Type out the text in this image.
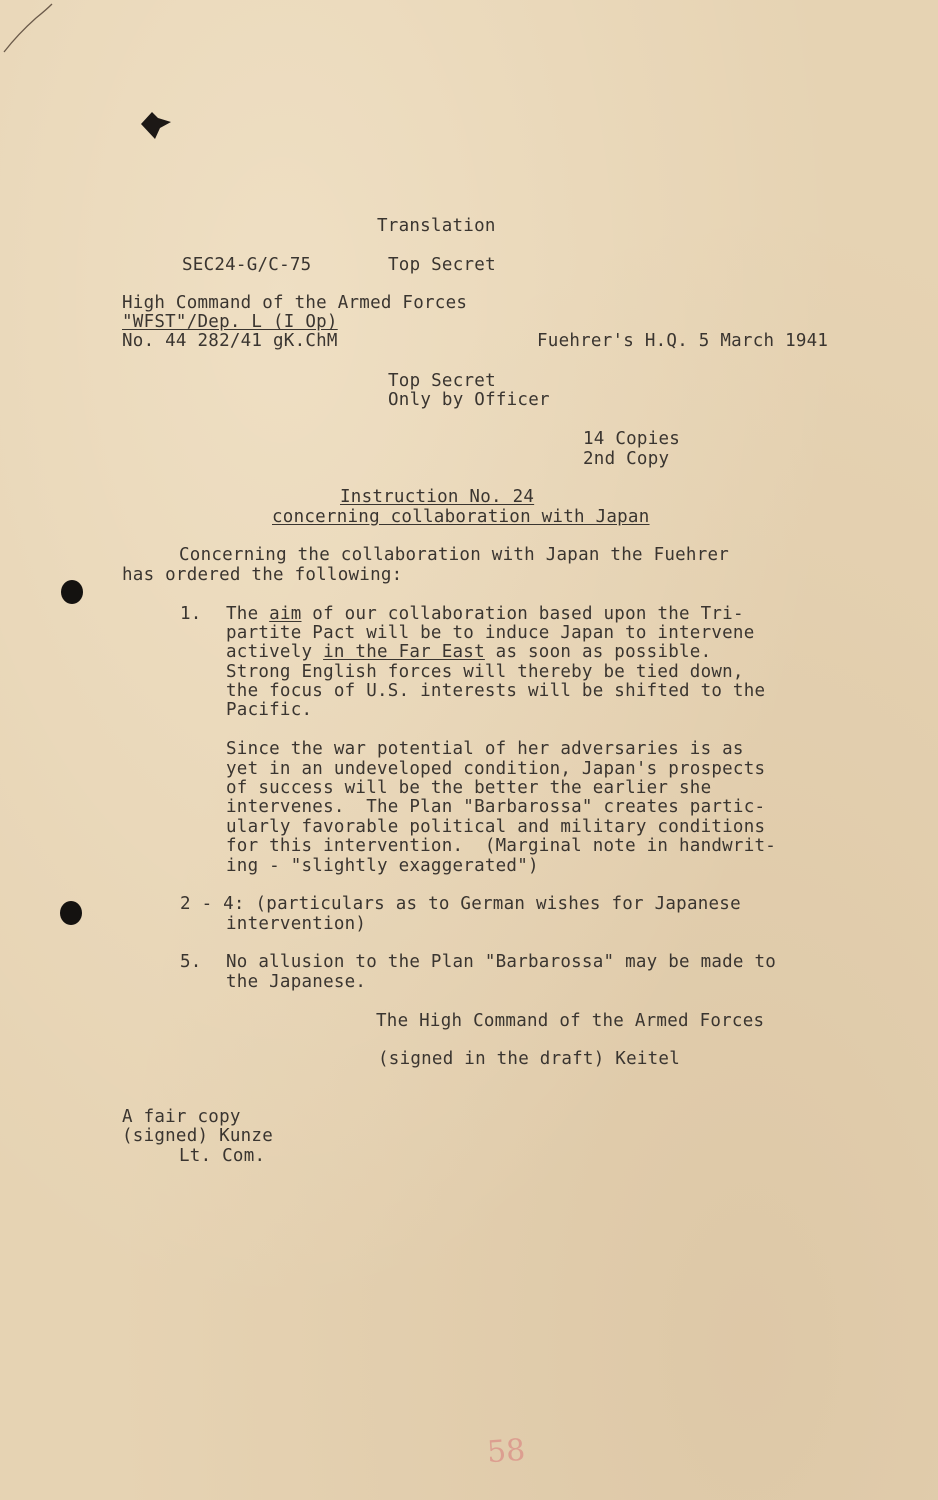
Translation
SEC24-G/C-75	Top Secret
High Command of the Armed Forces
"WFST"/Dep. L (I Op)
No. 44 282/41 gK.ChM	Fuehrer's H.Q. 5 March 1941
Top Secret
Only by Officer
14 Copies
2nd Copy
Instruction No. 24
concerning collaboration with Japan
Concerning the collaboration with Japan the Fuehrer
has ordered the following:
1. The aim of our collaboration based upon the Tri-
partite Pact will be to induce Japan to intervene
actively in the Far East as soon as possible.
Strong English forces will thereby be tied down,
the focus of U.S. interests will be shifted to the
Pacific.
Since the war potential of her adversaries is as
yet in an undeveloped condition, Japan's prospects
of success will be the better the earlier she
intervenes.  The Plan "Barbarossa" creates partic-
ularly favorable political and military conditions
for this intervention.  (Marginal note in handwrit-
ing - "slightly exaggerated")
2 - 4: (particulars as to German wishes for Japanese
intervention)
5. No allusion to the Plan "Barbarossa" may be made to
the Japanese.
The High Command of the Armed Forces
(signed in the draft) Keitel
A fair copy
(signed) Kunze
Lt. Com.
58
